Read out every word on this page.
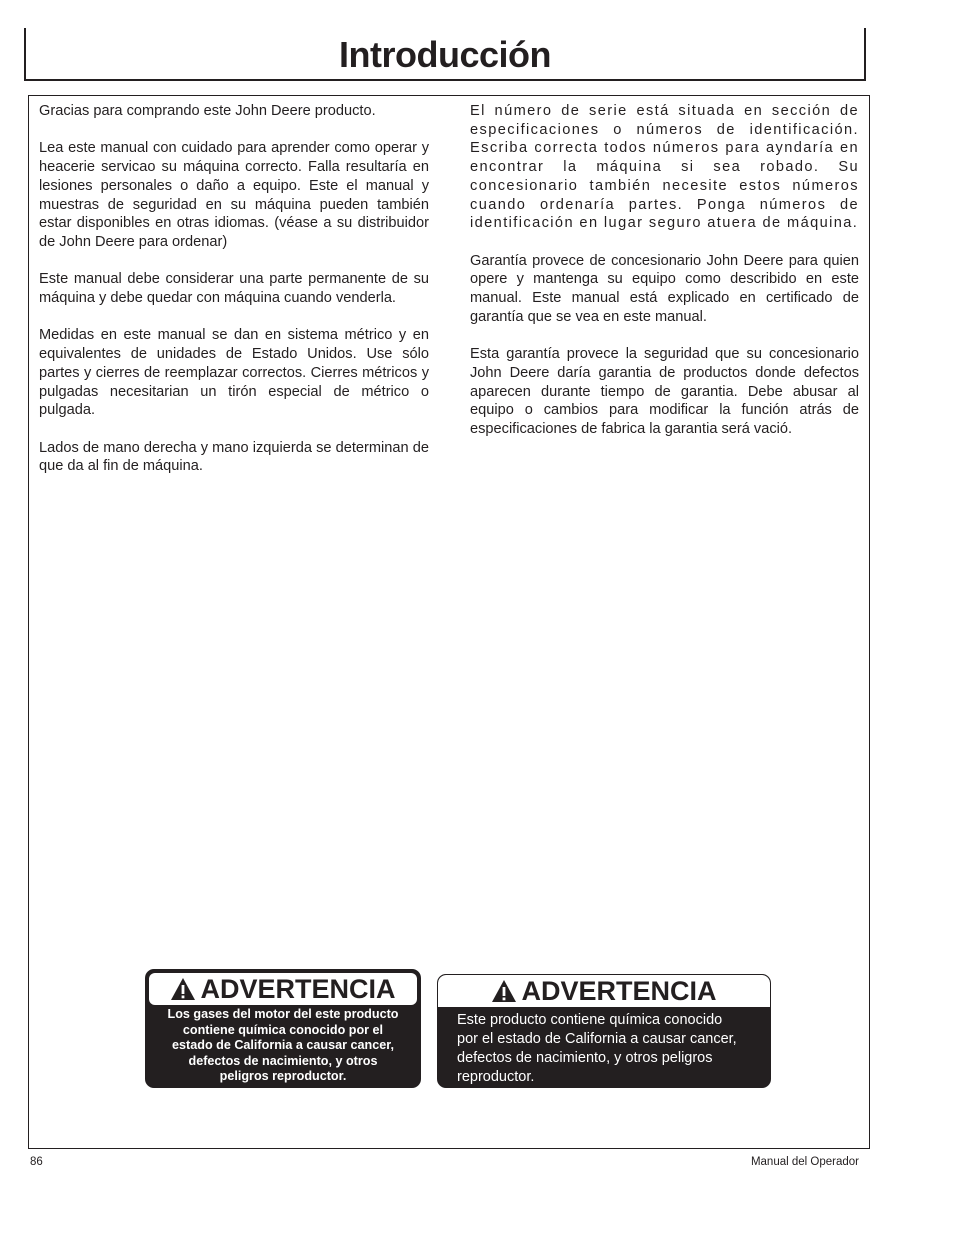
Introducción

Gracias para comprando este John Deere producto.

Lea este manual con cuidado para aprender como operar y heacerie servicao su máquina correcto. Falla resultaría en lesiones personales o daño a equipo. Este el manual y muestras de seguridad en su máquina pueden también estar disponibles en otras idiomas. (véase a su distribuidor de John Deere para ordenar)

Este manual debe considerar una parte permanente de su máquina y debe quedar con máquina cuando venderla.

Medidas en este manual se dan en sistema métrico y en equivalentes de unidades de Estado Unidos. Use sólo partes y cierres de reemplazar correctos. Cierres métricos y pulgadas necesitarian un tirón especial de métrico o pulgada.

Lados de mano derecha y mano izquierda se determinan de que da al fin de máquina.

El número de serie está situada en sección de especificaciones o números de identificación. Escriba correcta todos números para ayndaría en encontrar la máquina si sea robado. Su concesionario también necesite estos números cuando ordenaría partes. Ponga números de identificación en lugar seguro atuera de máquina.

Garantía provece de concesionario John Deere para quien opere y mantenga su equipo como describido en este manual. Este manual está explicado en certificado de garantía que se vea en este manual.

Esta garantía provece la seguridad que su concesionario John Deere daría garantia de productos donde defectos aparecen durante tiempo de garantia. Debe abusar al equipo o cambios para modificar la función atrás de especificaciones de fabrica la garantia será vació.

ADVERTENCIA
Los gases del motor del este producto
contiene química conocido por el
estado de California a causar cancer,
defectos de nacimiento, y otros
peligros reproductor.
ADVERTENCIA
Este producto contiene química conocido
por el estado de California a causar cancer,
defectos de nacimiento, y otros peligros
reproductor.
86	Manual del Operador
